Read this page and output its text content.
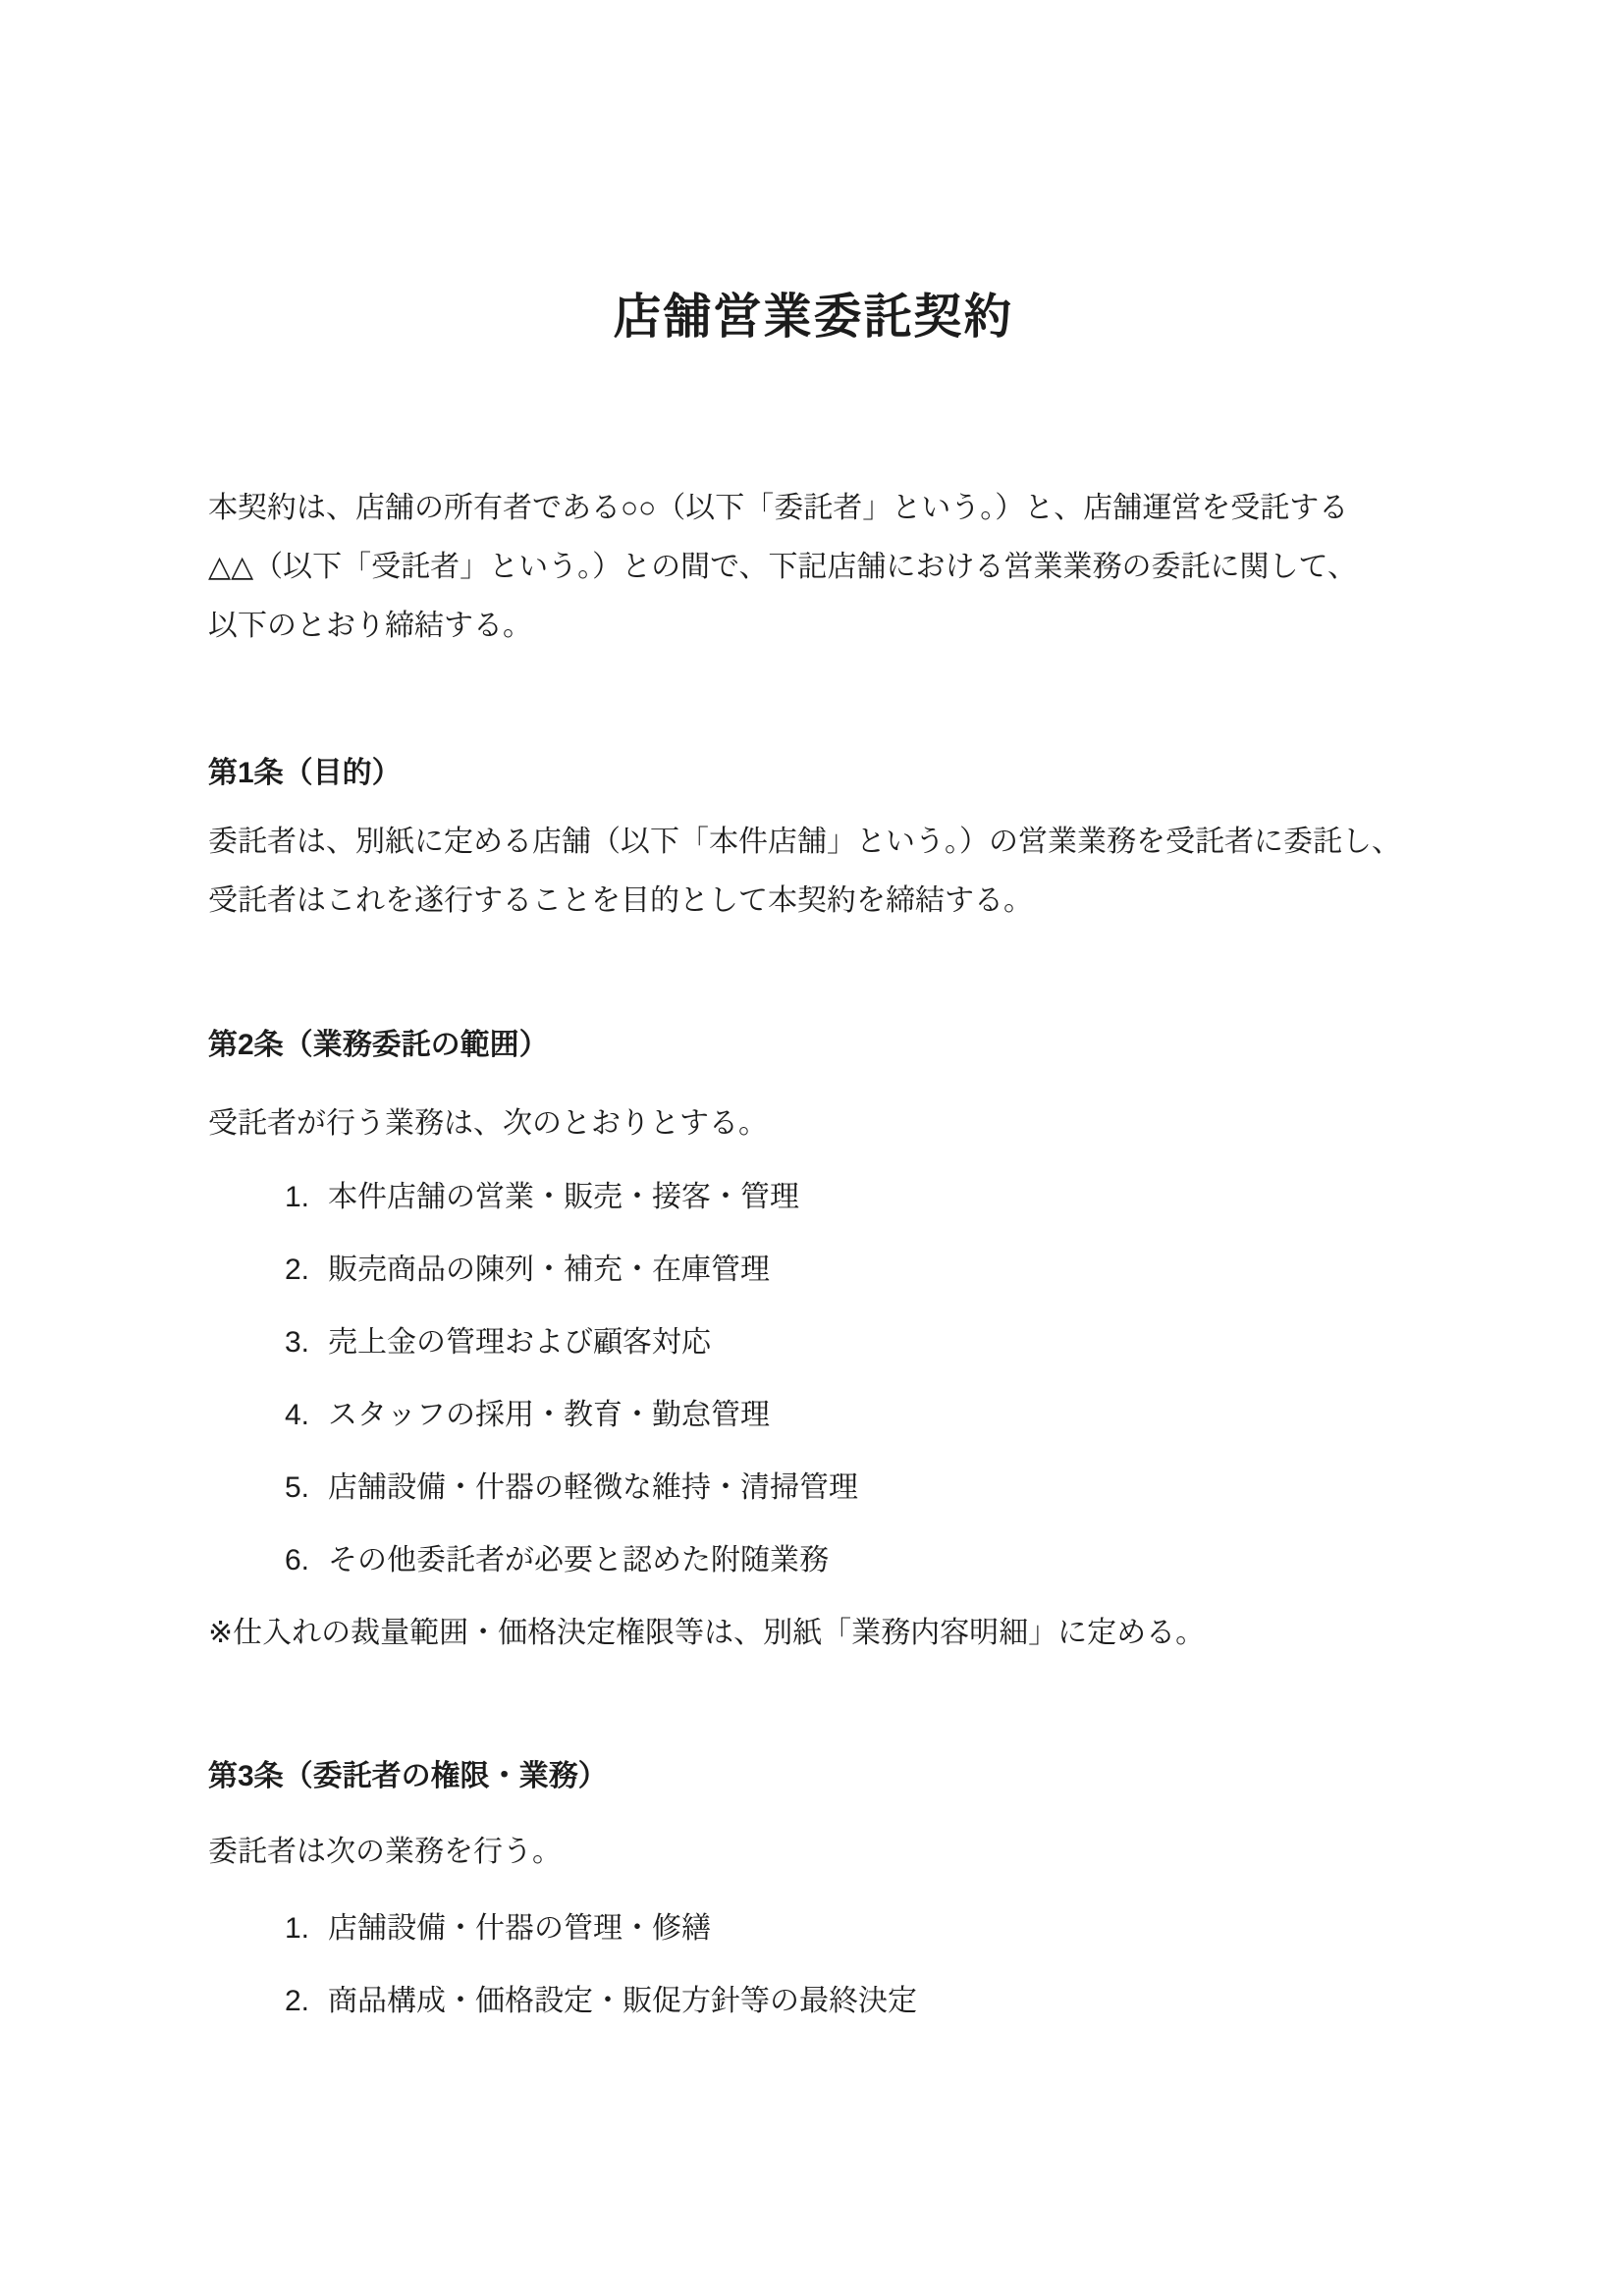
店舗営業委託契約
本契約は、店舗の所有者である○○（以下「委託者」という。）と、店舗運営を受託する
△△（以下「受託者」という。）との間で、下記店舗における営業業務の委託に関して、
以下のとおり締結する。
第1条（目的）
委託者は、別紙に定める店舗（以下「本件店舗」という。）の営業業務を受託者に委託し、
受託者はこれを遂行することを目的として本契約を締結する。
第2条（業務委託の範囲）
受託者が行う業務は、次のとおりとする。
1. 本件店舗の営業・販売・接客・管理
2. 販売商品の陳列・補充・在庫管理
3. 売上金の管理および顧客対応
4. スタッフの採用・教育・勤怠管理
5. 店舗設備・什器の軽微な維持・清掃管理
6. その他委託者が必要と認めた附随業務
※仕入れの裁量範囲・価格決定権限等は、別紙「業務内容明細」に定める。
第3条（委託者の権限・業務）
委託者は次の業務を行う。
1. 店舗設備・什器の管理・修繕
2. 商品構成・価格設定・販促方針等の最終決定
